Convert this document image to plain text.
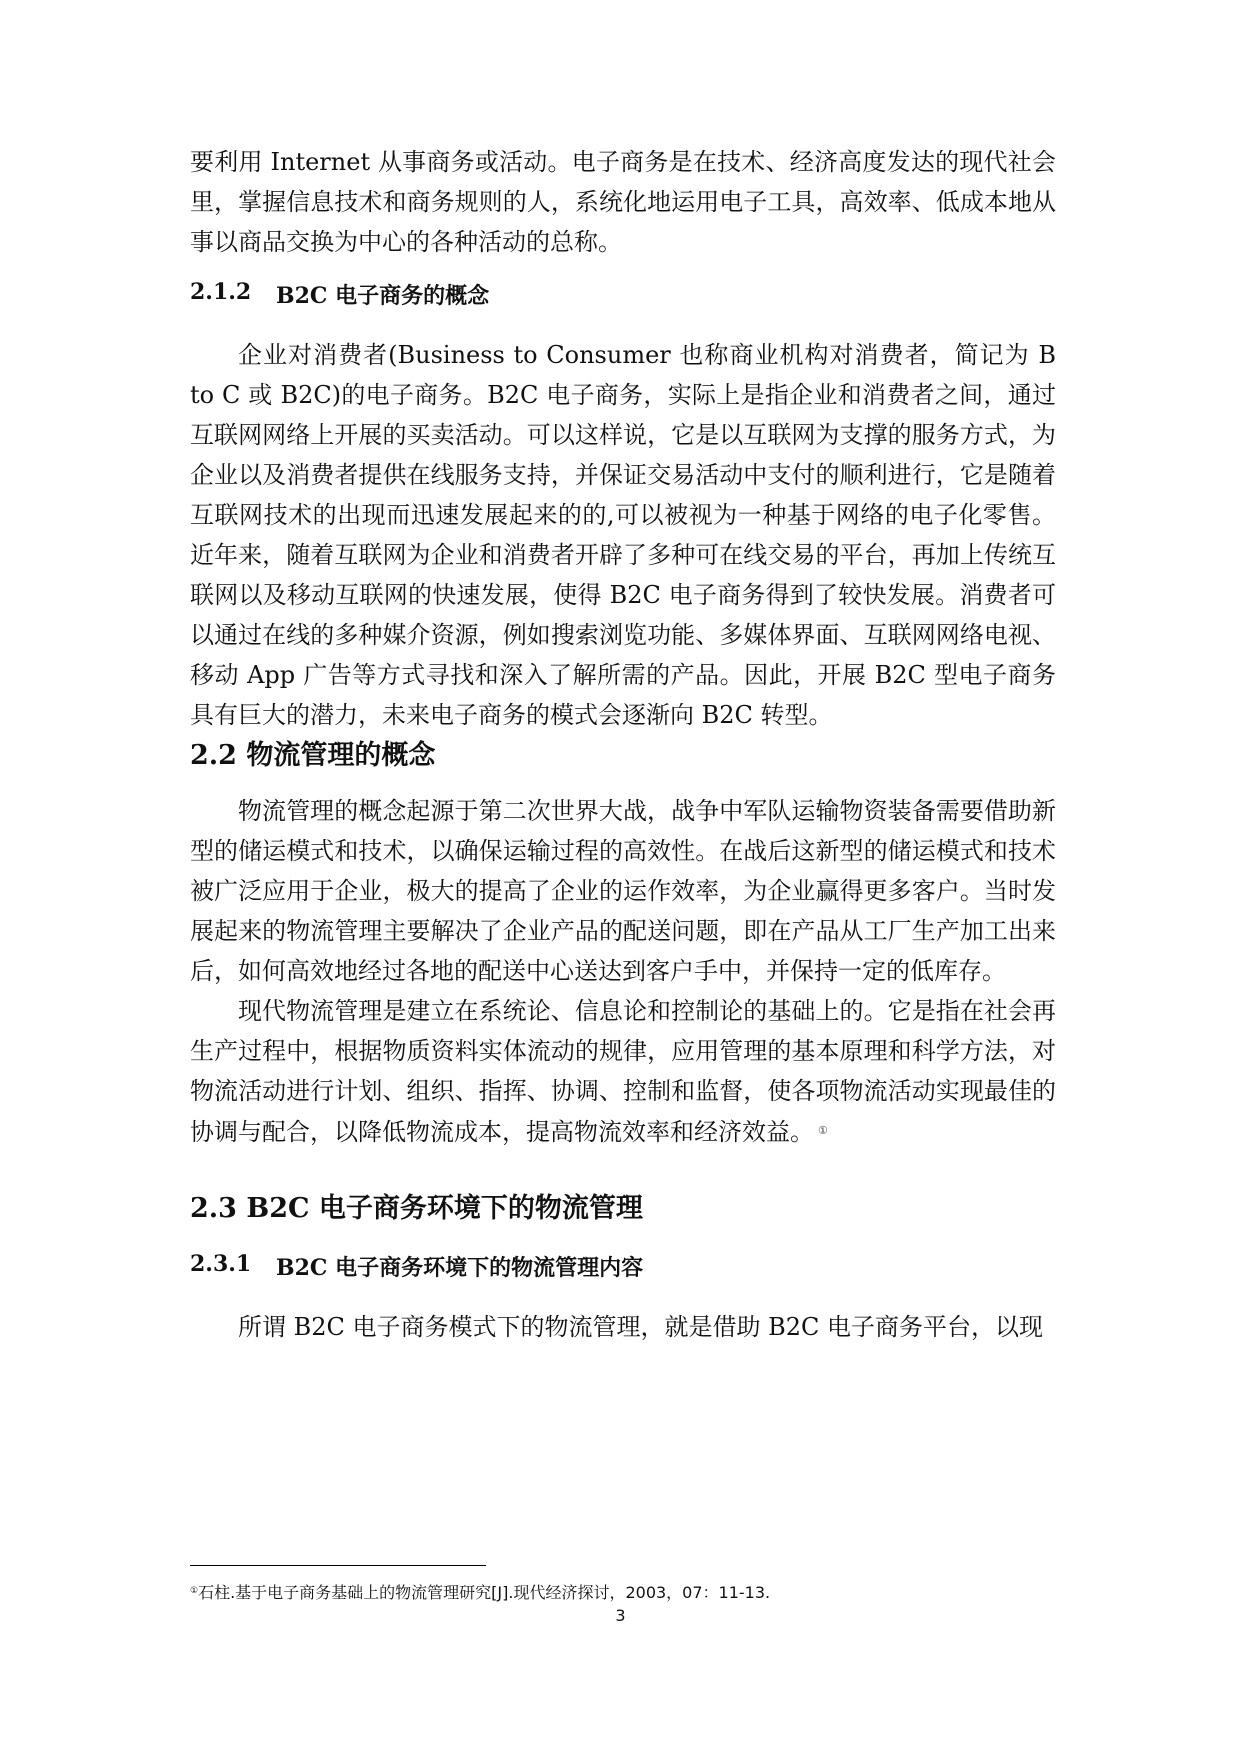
要利用 Internet 从事商务或活动。电子商务是在技术、经济高度发达的现代社会里，掌握信息技术和商务规则的人，系统化地运用电子工具，高效率、低成本地从事以商品交换为中心的各种活动的总称。

2.1.2	B2C 电子商务的概念

企业对消费者(Business to Consumer 也称商业机构对消费者，简记为 B to C 或 B2C)的电子商务。B2C 电子商务，实际上是指企业和消费者之间，通过互联网网络上开展的买卖活动。可以这样说，它是以互联网为支撑的服务方式，为企业以及消费者提供在线服务支持，并保证交易活动中支付的顺利进行，它是随着互联网技术的出现而迅速发展起来的的,可以被视为一种基于网络的电子化零售。近年来，随着互联网为企业和消费者开辟了多种可在线交易的平台，再加上传统互联网以及移动互联网的快速发展，使得 B2C 电子商务得到了较快发展。消费者可以通过在线的多种媒介资源，例如搜索浏览功能、多媒体界面、互联网网络电视、移动 App 广告等方式寻找和深入了解所需的产品。因此，开展 B2C 型电子商务具有巨大的潜力，未来电子商务的模式会逐渐向 B2C 转型。

2.2 物流管理的概念

物流管理的概念起源于第二次世界大战，战争中军队运输物资装备需要借助新型的储运模式和技术，以确保运输过程的高效性。在战后这新型的储运模式和技术被广泛应用于企业，极大的提高了企业的运作效率，为企业赢得更多客户。当时发展起来的物流管理主要解决了企业产品的配送问题，即在产品从工厂生产加工出来后，如何高效地经过各地的配送中心送达到客户手中，并保持一定的低库存。

现代物流管理是建立在系统论、信息论和控制论的基础上的。它是指在社会再生产过程中，根据物质资料实体流动的规律，应用管理的基本原理和科学方法，对物流活动进行计划、组织、指挥、协调、控制和监督，使各项物流活动实现最佳的协调与配合，以降低物流成本，提高物流效率和经济效益。 ①

2.3 B2C 电子商务环境下的物流管理
2.3.1	B2C 电子商务环境下的物流管理内容

所谓 B2C 电子商务模式下的物流管理，就是借助 B2C 电子商务平台，以现

①石柱.基于电子商务基础上的物流管理研究[J].现代经济探讨，2003，07：11-13.
3
